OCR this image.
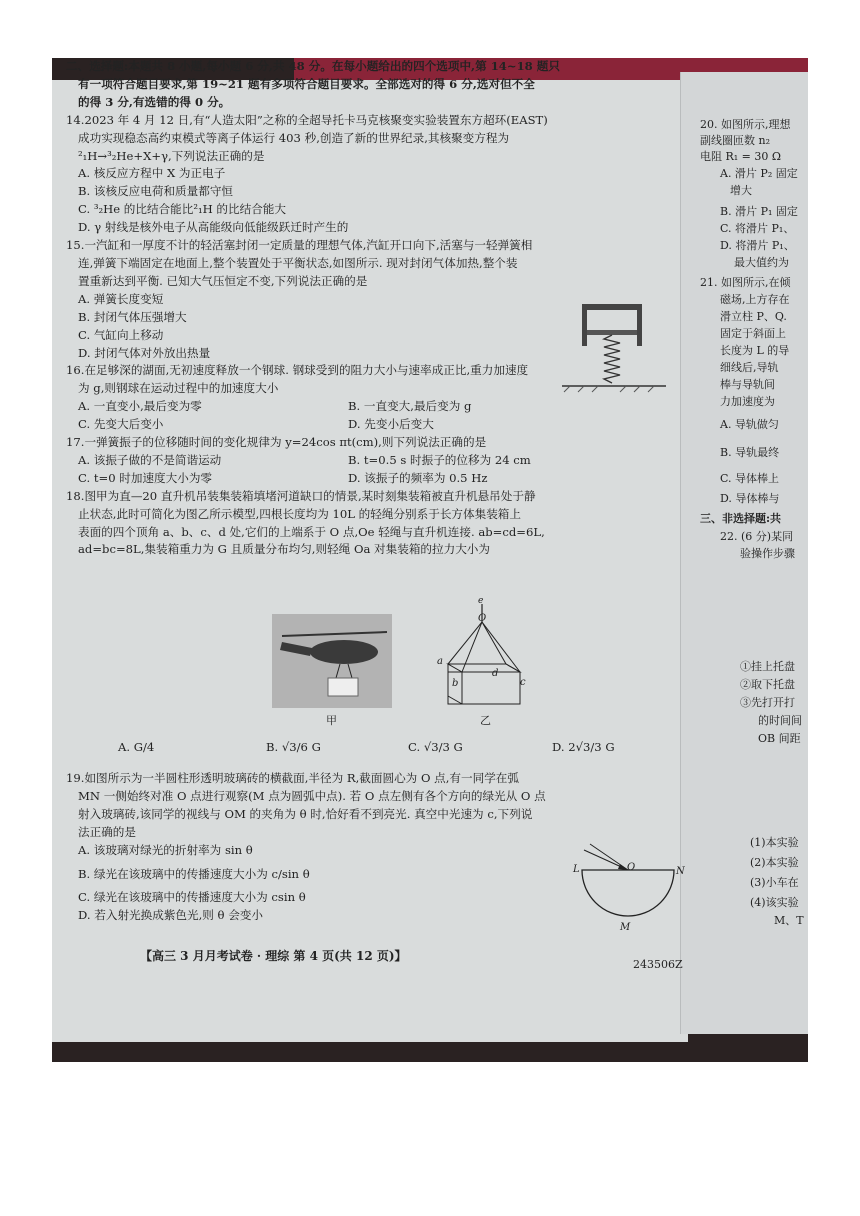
二、选择题:本题共 8 小题,每小题 6 分,共 48 分。在每小题给出的四个选项中,第 14~18 题只

有一项符合题目要求,第 19~21 题有多项符合题目要求。全部选对的得 6 分,选对但不全

的得 3 分,有选错的得 0 分。

14.2023 年 4 月 12 日,有“人造太阳”之称的全超导托卡马克核聚变实验装置东方超环(EAST)

成功实现稳态高约束模式等离子体运行 403 秒,创造了新的世界纪录,其核聚变方程为

²₁H→³₂He+X+γ,下列说法正确的是

A. 核反应方程中 X 为正电子

B. 该核反应电荷和质量都守恒

C. ³₂He 的比结合能比²₁H 的比结合能大

D. γ 射线是核外电子从高能级向低能级跃迁时产生的

15.一汽缸和一厚度不计的轻活塞封闭一定质量的理想气体,汽缸开口向下,活塞与一轻弹簧相

连,弹簧下端固定在地面上,整个装置处于平衡状态,如图所示. 现对封闭气体加热,整个装

置重新达到平衡. 已知大气压恒定不变,下列说法正确的是

A. 弹簧长度变短

B. 封闭气体压强增大

C. 气缸向上移动

D. 封闭气体对外放出热量

16.在足够深的湖面,无初速度释放一个钢球. 钢球受到的阻力大小与速率成正比,重力加速度

为 g,则钢球在运动过程中的加速度大小

A. 一直变小,最后变为零	B. 一直变大,最后变为 g
C. 先变大后变小	D. 先变小后变大

17.一弹簧振子的位移随时间的变化规律为 y=24cos πt(cm),则下列说法正确的是

A. 该振子做的不是简谐运动	B. t=0.5 s 时振子的位移为 24 cm
C. t=0 时加速度大小为零	D. 该振子的频率为 0.5 Hz

18.图甲为直—20 直升机吊装集装箱填堵河道缺口的情景,某时刻集装箱被直升机悬吊处于静

止状态,此时可简化为图乙所示模型,四根长度均为 10L 的轻绳分别系于长方体集装箱上

表面的四个顶角 a、b、c、d 处,它们的上端系于 O 点,Oe 轻绳与直升机连接. ab=cd=6L,

ad=bc=8L,集装箱重力为 G 且质量分布均匀,则轻绳 Oa 对集装箱的拉力大小为

甲
e
O
a
b	c
d
乙
A. G/4	B. √3/6 G	C. √3/3 G	D. 2√3/3 G

19.如图所示为一半圆柱形透明玻璃砖的横截面,半径为 R,截面圆心为 O 点,有一同学在弧

MN 一侧始终对准 O 点进行观察(M 点为圆弧中点). 若 O 点左侧有各个方向的绿光从 O 点

射入玻璃砖,该同学的视线与 OM 的夹角为 θ 时,恰好看不到亮光. 真空中光速为 c,下列说

法正确的是

A. 该玻璃对绿光的折射率为 sin θ

B. 绿光在该玻璃中的传播速度大小为 c/sin θ

C. 绿光在该玻璃中的传播速度大小为 csin θ

D. 若入射光换成紫色光,则 θ 会变小

L	O	N
M
【高三 3 月月考试卷 · 理综 第 4 页(共 12 页)】
243506Z
20. 如图所示,理想
副线圈匝数 n₂
电阻 R₁ = 30 Ω
A. 滑片 P₂ 固定
增大
B. 滑片 P₁ 固定
C. 将滑片 P₁、
D. 将滑片 P₁、
最大值约为
21. 如图所示,在倾
磁场,上方存在
滑立柱 P、Q.
固定于斜面上
长度为 L 的导
细线后,导轨
棒与导轨间
力加速度为
A. 导轨做匀
B. 导轨最终
C. 导体棒上
D. 导体棒与
三、非选择题:共
22. (6 分)某同
验操作步骤
①挂上托盘
②取下托盘
③先打开打
的时间间
OB 间距
(1)本实验
(2)本实验
(3)小车在
(4)该实验
M、T
